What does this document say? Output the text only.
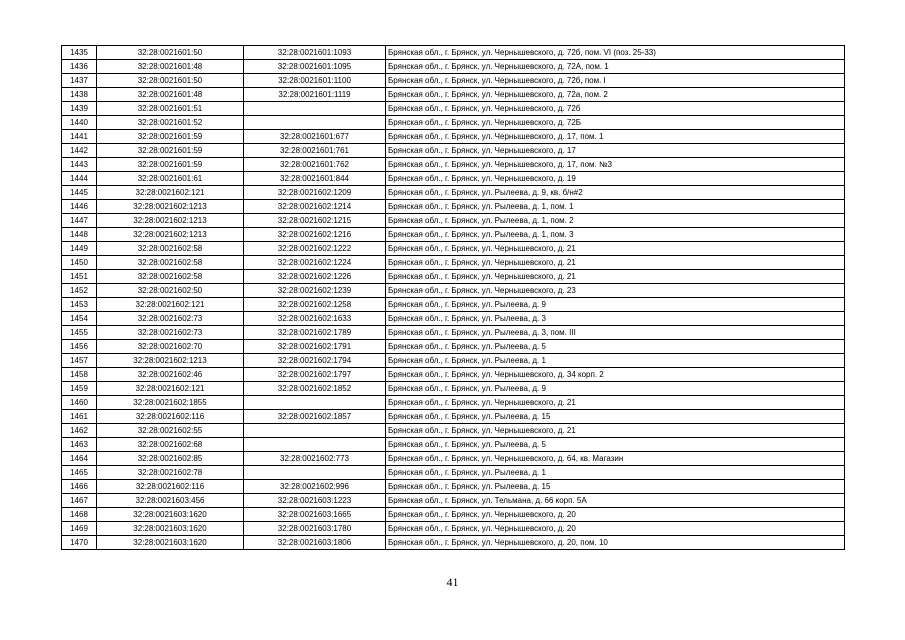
1435	32:28:0021601:50	32:28:0021601:1093	Брянская обл., г. Брянск, ул. Чернышевского, д. 72б, пом. VI (поз. 25-33)
1436	32:28:0021601:48	32:28:0021601:1095	Брянская обл., г. Брянск, ул. Чернышевского, д. 72А, пом. 1
1437	32:28:0021601:50	32:28:0021601:1100	Брянская обл., г. Брянск, ул. Чернышевского, д. 72б, пом. I
1438	32:28:0021601:48	32:28:0021601:1119	Брянская обл., г. Брянск, ул. Чернышевского, д. 72а, пом. 2
1439	32:28:0021601:51		Брянская обл., г. Брянск, ул. Чернышевского, д. 72б
1440	32:28:0021601:52		Брянская обл., г. Брянск, ул. Чернышевского, д. 72Б
1441	32:28:0021601:59	32:28:0021601:677	Брянская обл., г. Брянск, ул. Чернышевского, д. 17, пом. 1
1442	32:28:0021601:59	32:28:0021601:761	Брянская обл., г. Брянск, ул. Чернышевского, д. 17
1443	32:28:0021601:59	32:28:0021601:762	Брянская обл., г. Брянск, ул. Чернышевского, д. 17, пом. №3
1444	32:28:0021601:61	32:28:0021601:844	Брянская обл., г. Брянск, ул. Чернышевского, д. 19
1445	32:28:0021602:121	32:28:0021602:1209	Брянская обл., г. Брянск, ул. Рылеева, д. 9, кв. б/н#2
1446	32:28:0021602:1213	32:28:0021602:1214	Брянская обл., г. Брянск, ул. Рылеева, д. 1, пом. 1
1447	32:28:0021602:1213	32:28:0021602:1215	Брянская обл., г. Брянск, ул. Рылеева, д. 1, пом. 2
1448	32:28:0021602:1213	32:28:0021602:1216	Брянская обл., г. Брянск, ул. Рылеева, д. 1, пом. 3
1449	32:28:0021602:58	32:28:0021602:1222	Брянская обл., г. Брянск, ул. Чернышевского, д. 21
1450	32:28:0021602:58	32:28:0021602:1224	Брянская обл., г. Брянск, ул. Чернышевского, д. 21
1451	32:28:0021602:58	32:28:0021602:1226	Брянская обл., г. Брянск, ул. Чернышевского, д. 21
1452	32:28:0021602:50	32:28:0021602:1239	Брянская обл., г. Брянск, ул. Чернышевского, д. 23
1453	32:28:0021602:121	32:28:0021602:1258	Брянская обл., г. Брянск, ул. Рылеева, д. 9
1454	32:28:0021602:73	32:28:0021602:1633	Брянская обл., г. Брянск, ул. Рылеева, д. 3
1455	32:28:0021602:73	32:28:0021602:1789	Брянская обл., г. Брянск, ул. Рылеева, д. 3, пом. III
1456	32:28:0021602:70	32:28:0021602:1791	Брянская обл., г. Брянск, ул. Рылеева, д. 5
1457	32:28:0021602:1213	32:28:0021602:1794	Брянская обл., г. Брянск, ул. Рылеева, д. 1
1458	32:28:0021602:46	32:28:0021602:1797	Брянская обл., г. Брянск, ул. Чернышевского, д. 34 корп. 2
1459	32:28:0021602:121	32:28:0021602:1852	Брянская обл., г. Брянск, ул. Рылеева, д. 9
1460	32:28:0021602:1855		Брянская обл., г. Брянск, ул. Чернышевского, д. 21
1461	32:28:0021602:116	32:28:0021602:1857	Брянская обл., г. Брянск, ул. Рылеева, д. 15
1462	32:28:0021602:55		Брянская обл., г. Брянск, ул. Чернышевского, д. 21
1463	32:28:0021602:68		Брянская обл., г. Брянск, ул. Рылеева, д. 5
1464	32:28:0021602:85	32:28:0021602:773	Брянская обл., г. Брянск, ул. Чернышевского, д. 64, кв. Магазин
1465	32:28:0021602:78		Брянская обл., г. Брянск, ул. Рылеева, д. 1
1466	32:28:0021602:116	32:28:0021602:996	Брянская обл., г. Брянск, ул. Рылеева, д. 15
1467	32:28:0021603:456	32:28:0021603:1223	Брянская обл., г. Брянск, ул. Тельмана, д. 66 корп. 5А
1468	32:28:0021603:1620	32:28:0021603:1665	Брянская обл., г. Брянск, ул. Чернышевского, д. 20
1469	32:28:0021603:1620	32:28:0021603:1780	Брянская обл., г. Брянск, ул. Чернышевского, д. 20
1470	32:28:0021603:1620	32:28:0021603:1806	Брянская обл., г. Брянск, ул. Чернышевского, д. 20, пом. 10
41
